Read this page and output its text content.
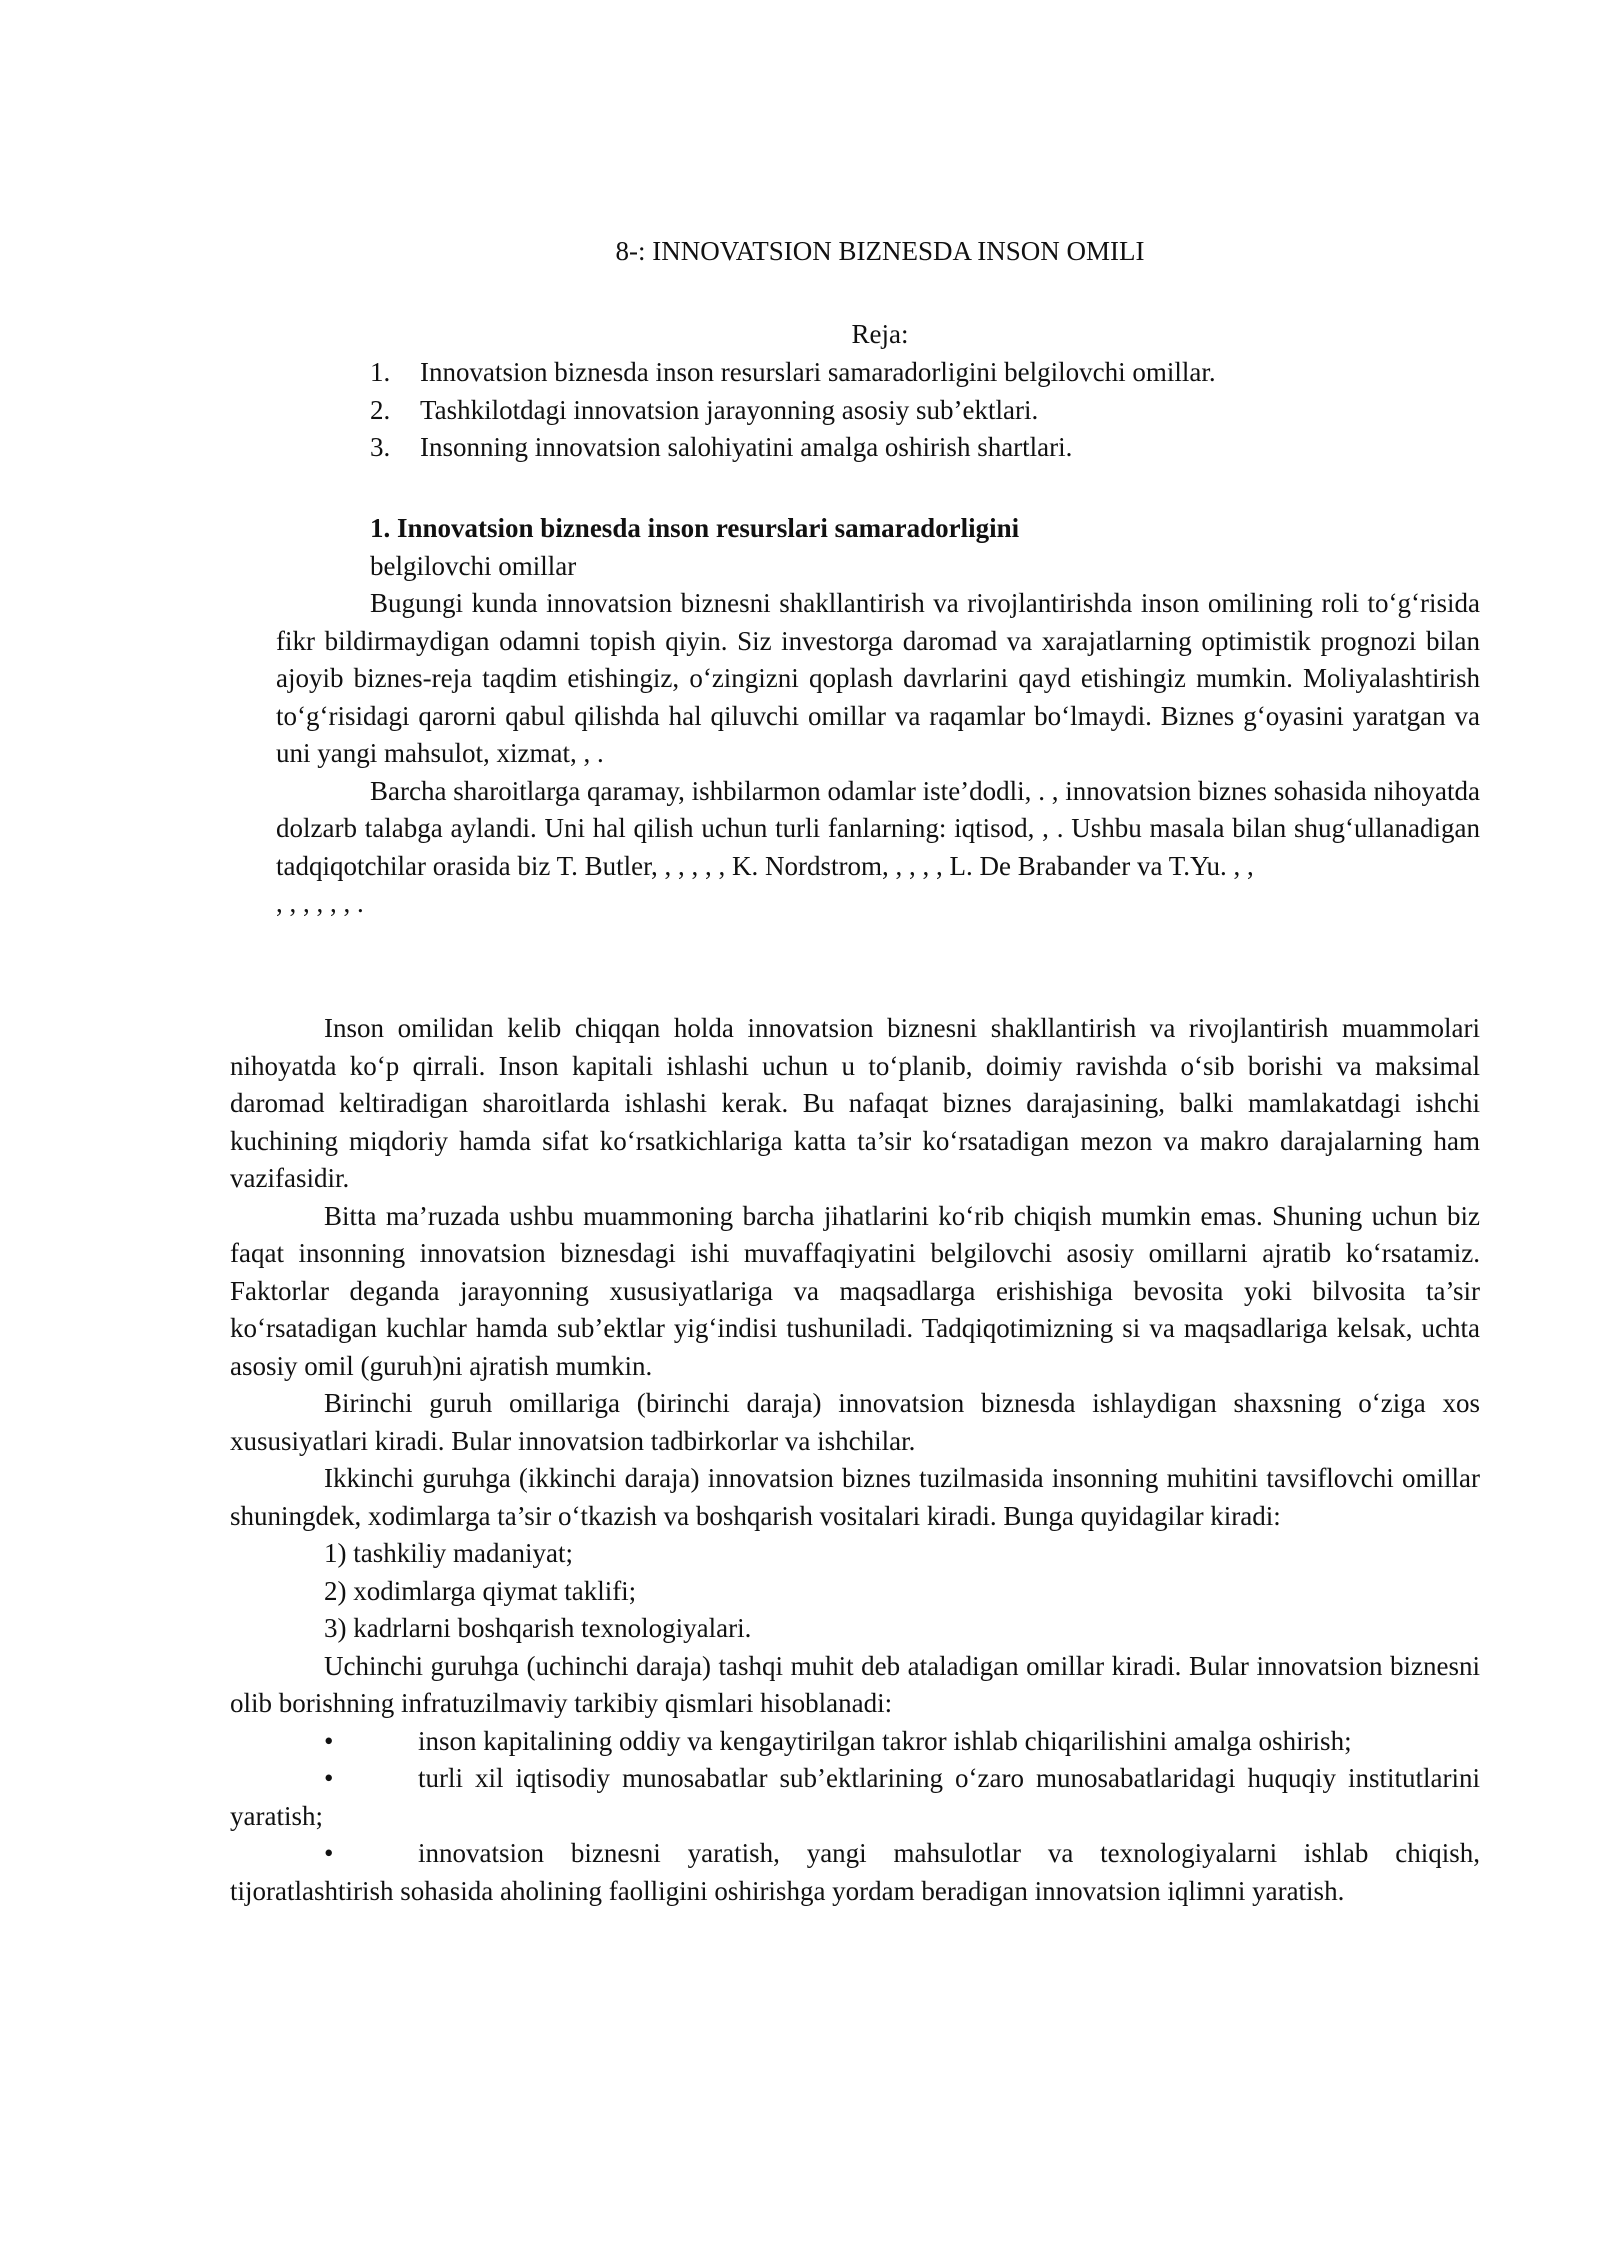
8-: INNOVATSION BIZNESDA INSON OMILI
Reja:
1. Innovatsion biznesda inson resurslari samaradorligini belgilovchi omillar.
2. Tashkilotdagi innovatsion jarayonning asosiy sub’ektlari.
3. Insonning innovatsion salohiyatini amalga oshirish shartlari.
1. Innovatsion biznesda inson resurslari samaradorligini
belgilovchi omillar

Bugungi kunda innovatsion biznesni shakllantirish va rivojlantirishda inson omilining roli to‘g‘risida fikr bildirmaydigan odamni topish qiyin. Siz investorga daromad va xarajatlarning optimistik prognozi bilan ajoyib biznes-reja taqdim etishingiz, o‘zingizni qoplash davrlarini qayd etishingiz mumkin. Moliyalashtirish to‘g‘risidagi qarorni qabul qilishda hal qiluvchi omillar va raqamlar bo‘lmaydi. Biznes g‘oyasini yaratgan va uni yangi mahsulot, xizmat, , .

Barcha sharoitlarga qaramay, ishbilarmon odamlar iste’dodli, . , innovatsion biznes sohasida nihoyatda dolzarb talabga aylandi. Uni hal qilish uchun turli fanlarning: iqtisod, , . Ushbu masala bilan shug‘ullanadigan tadqiqotchilar orasida biz T. Butler, , , , , , K. Nordstrom, , , , , L. De Brabander va T.Yu. , ,

, , , , , , .

Inson omilidan kelib chiqqan holda innovatsion biznesni shakllantirish va rivojlantirish muammolari nihoyatda ko‘p qirrali. Inson kapitali ishlashi uchun u to‘planib, doimiy ravishda o‘sib borishi va maksimal daromad keltiradigan sharoitlarda ishlashi kerak. Bu nafaqat biznes darajasining, balki mamlakatdagi ishchi kuchining miqdoriy hamda sifat ko‘rsatkichlariga katta ta’sir ko‘rsatadigan mezon va makro darajalarning ham vazifasidir.

Bitta ma’ruzada ushbu muammoning barcha jihatlarini ko‘rib chiqish mumkin emas. Shuning uchun biz faqat insonning innovatsion biznesdagi ishi muvaffaqiyatini belgilovchi asosiy omillarni ajratib ko‘rsatamiz. Faktorlar deganda jarayonning xususiyatlariga va maqsadlarga erishishiga bevosita yoki bilvosita ta’sir ko‘rsatadigan kuchlar hamda sub’ektlar yig‘indisi tushuniladi. Tadqiqotimizning si va maqsadlariga kelsak, uchta asosiy omil (guruh)ni ajratish mumkin.

Birinchi guruh omillariga (birinchi daraja) innovatsion biznesda ishlaydigan shaxsning o‘ziga xos xususiyatlari kiradi. Bular innovatsion tadbirkorlar va ishchilar.

Ikkinchi guruhga (ikkinchi daraja) innovatsion biznes tuzilmasida insonning muhitini tavsiflovchi omillar shuningdek, xodimlarga ta’sir o‘tkazish va boshqarish vositalari kiradi. Bunga quyidagilar kiradi:

1) tashkiliy madaniyat;
2) xodimlarga qiymat taklifi;
3) kadrlarni boshqarish texnologiyalari.

Uchinchi guruhga (uchinchi daraja) tashqi muhit deb ataladigan omillar kiradi. Bular innovatsion biznesni olib borishning infratuzilmaviy tarkibiy qismlari hisoblanadi:

•	inson kapitalining oddiy va kengaytirilgan takror ishlab chiqarilishini amalga oshirish;

•	turli xil iqtisodiy munosabatlar sub’ektlarining o‘zaro munosabatlaridagi huquqiy institutlarini yaratish;

•	innovatsion biznesni yaratish, yangi mahsulotlar va texnologiyalarni ishlab chiqish, tijoratlashtirish sohasida aholining faolligini oshirishga yordam beradigan innovatsion iqlimni yaratish.
